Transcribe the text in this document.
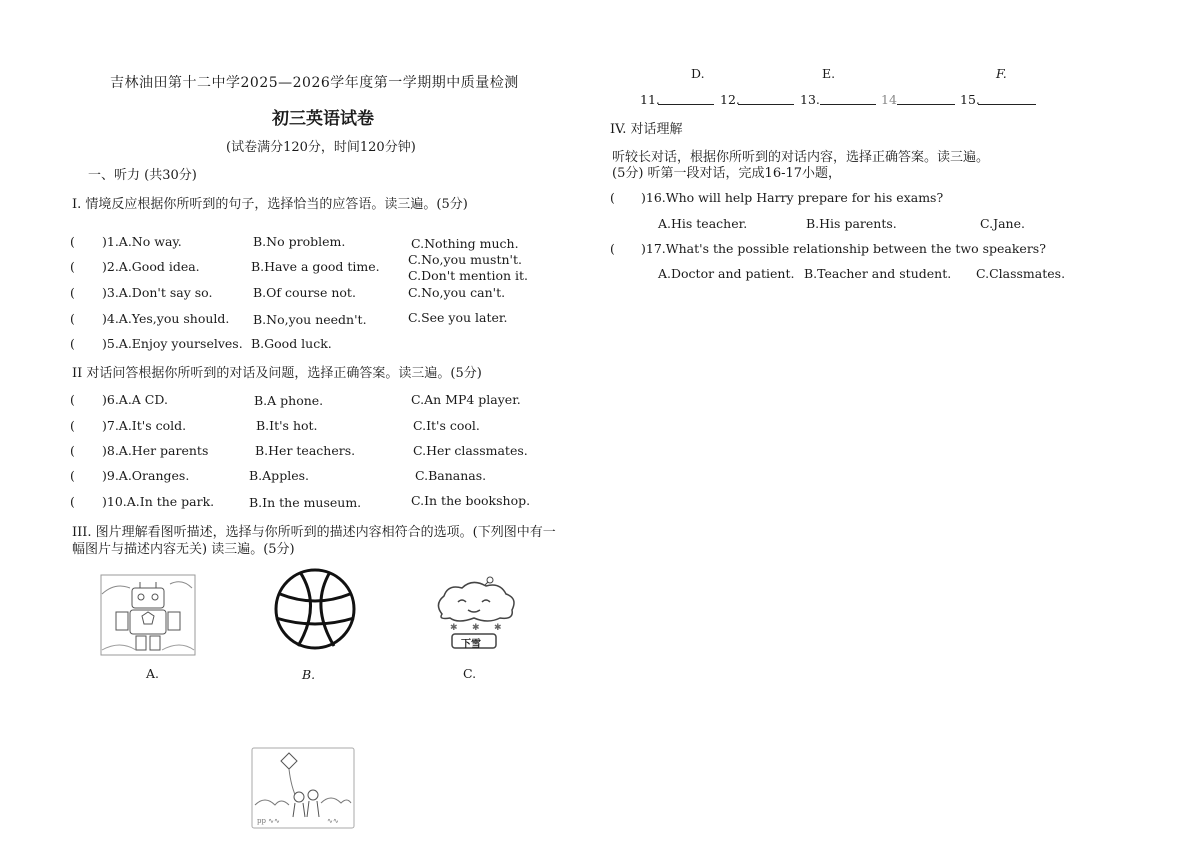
吉林油田第十二中学2025—2026学年度第一学期期中质量检测
初三英语试卷
(试卷满分120分，时间120分钟)
一、听力 (共30分)
I. 情境反应根据你所听到的句子，选择恰当的应答语。读三遍。(5分)
( )1.A.No way.	B.No problem.	C.Nothing much.
( )2.A.Good idea.	B.Have a good time. C.No,you mustn't.
C.Don't mention it.
( )3.A.Don't say so.	B.Of course not.	C.No,you can't.
( )4.A.Yes,you should. B.No,you needn't.	C.See you later.
( )5.A.Enjoy yourselves. B.Good luck.
II 对话问答根据你所听到的对话及问题，选择正确答案。读三遍。(5分)
( )6.A.A CD.	B.A phone.	C.An MP4 player.
( )7.A.It's cold.	B.It's hot.	C.It's cool.
( )8.A.Her parents	B.Her teachers.	C.Her classmates.
( )9.A.Oranges.	B.Apples.	C.Bananas.
( )10.A.In the park.	B.In the museum.	C.In the bookshop.
III. 图片理解看图听描述，选择与你所听到的描述内容相符合的选项。(下列图中有一
幅图片与描述内容无关) 读三遍。(5分)
A.	B.
✱ ✱ ✱
下雪
C.
pp ∿∿	∿∿
D.	E.	F.
11.	12.	13.	14	15.
IV. 对话理解
听较长对话，根据你所听到的对话内容，选择正确答案。读三遍。
(5分) 听第一段对话，完成16-17小题，
( )16.Who will help Harry prepare for his exams?
A.His teacher.	B.His parents.	C.Jane.
( )17.What's the possible relationship between the two speakers?
A.Doctor and patient. B.Teacher and student. C.Classmates.
